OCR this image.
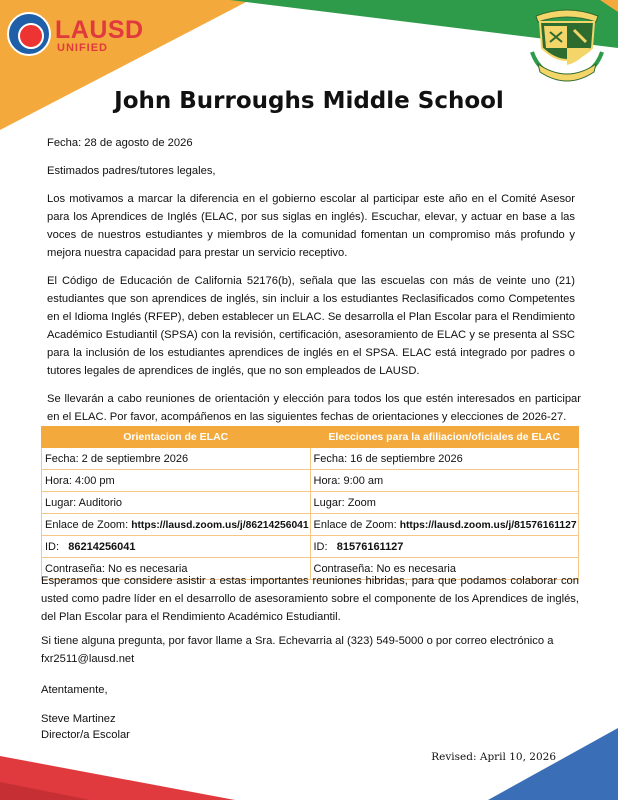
LAUSD
UNIFIED
John Burroughs Middle School

Fecha: 28 de agosto de 2026

Estimados padres/tutores legales,

Los motivamos a marcar la diferencia en el gobierno escolar al participar este año en el Comité Asesor para los Aprendices de Inglés (ELAC, por sus siglas en inglés). Escuchar, elevar, y actuar en base a las voces de nuestros estudiantes y miembros de la comunidad fomentan un compromiso más profundo y mejora nuestra capacidad para prestar un servicio receptivo.

El Código de Educación de California 52176(b), señala que las escuelas con más de veinte uno (21) estudiantes que son aprendices de inglés, sin incluir a los estudiantes Reclasificados como Competentes en el Idioma Inglés (RFEP), deben establecer un ELAC. Se desarrolla el Plan Escolar para el Rendimiento Académico Estudiantil (SPSA) con la revisión, certificación, asesoramiento de ELAC y se presenta al SSC para la inclusión de los estudiantes aprendices de inglés en el SPSA. ELAC está integrado por padres o tutores legales de aprendices de inglés, que no son empleados de LAUSD.

Se llevarán a cabo reuniones de orientación y elección para todos los que estén interesados en participar en el ELAC. Por favor, acompáñenos en las siguientes fechas de orientaciones y elecciones de 2026-27.

Orientacion de ELAC	Elecciones para la afiliacion/oficiales de ELAC
Fecha: 2 de septiembre 2026	Fecha: 16 de septiembre 2026
Hora: 4:00 pm	Hora: 9:00 am
Lugar: Auditorio	Lugar: Zoom
Enlace de Zoom: https://lausd.zoom.us/j/86214256041	Enlace de Zoom: https://lausd.zoom.us/j/81576161127
ID:   86214256041	ID:   81576161127
Contraseña: No es necesaria	Contraseña: No es necesaria

Esperamos que considere asistir a estas importantes reuniones hibridas, para que podamos colaborar con usted como padre líder en el desarrollo de asesoramiento sobre el componente de los Aprendices de inglés, del Plan Escolar para el Rendimiento Académico Estudiantil.

Si tiene alguna pregunta, por favor llame a Sra. Echevarria al (323) 549-5000 o por correo electrónico a fxr2511@lausd.net

Atentamente,

Steve Martinez

Director/a Escolar

Revised: April 10, 2026
